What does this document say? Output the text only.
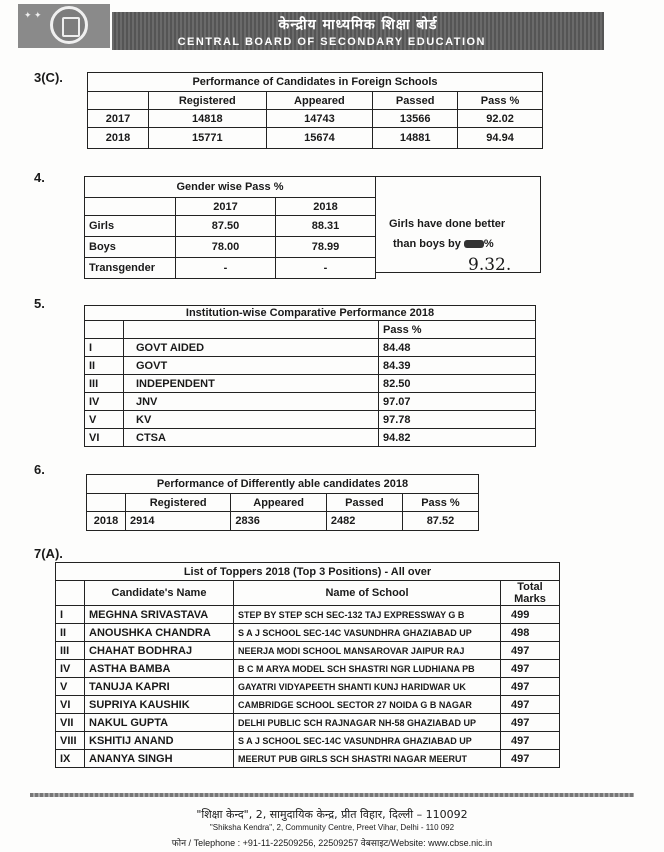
✦ ✦
केन्द्रीय माध्यमिक शिक्षा बोर्ड
CENTRAL BOARD OF SECONDARY EDUCATION
3(C).	Performance of Candidates in Foreign Schools				
	Registered	Appeared	Passed	Pass %
2017	14818	14743	13566	92.02
2018	15771	15674	14881	94.94
4.
Gender wise Pass %		
	2017	2018
Girls	87.50	88.31
Boys	78.00	78.99
Transgender	-	-
Girls have done better
than boys by %
9.32.
5.
Institution-wise Comparative Performance 2018		
		Pass %
I	GOVT AIDED	84.48
II	GOVT	84.39
III	INDEPENDENT	82.50
IV	JNV	97.07
V	KV	97.78
VI	CTSA	94.82
6.
Performance of Differently able candidates 2018				
	Registered	Appeared	Passed	Pass %
2018	2914	2836	2482	87.52
7(A).
List of Toppers 2018 (Top 3 Positions) - All over			
	Candidate's Name	Name of School	Total Marks
I	MEGHNA SRIVASTAVA	STEP BY STEP SCH SEC-132 TAJ EXPRESSWAY G B	499
II	ANOUSHKA CHANDRA	S A J SCHOOL SEC-14C VASUNDHRA GHAZIABAD UP	498
III	CHAHAT BODHRAJ	NEERJA MODI SCHOOL MANSAROVAR JAIPUR RAJ	497
IV	ASTHA BAMBA	B C M ARYA MODEL SCH SHASTRI NGR LUDHIANA PB	497
V	TANUJA KAPRI	GAYATRI VIDYAPEETH SHANTI KUNJ HARIDWAR UK	497
VI	SUPRIYA KAUSHIK	CAMBRIDGE SCHOOL SECTOR 27 NOIDA G B NAGAR	497
VII	NAKUL GUPTA	DELHI PUBLIC SCH RAJNAGAR NH-58 GHAZIABAD UP	497
VIII	KSHITIJ ANAND	S A J SCHOOL SEC-14C VASUNDHRA GHAZIABAD UP	497
IX	ANANYA SINGH	MEERUT PUB GIRLS SCH SHASTRI NAGAR MEERUT	497
"शिक्षा केन्द", 2, सामुदायिक केन्द्र, प्रीत विहार, दिल्ली – 110092
"Shiksha Kendra", 2, Community Centre, Preet Vihar, Delhi - 110 092
फोन / Telephone : +91-11-22509256, 22509257 वेबसाइट/Website: www.cbse.nic.in
